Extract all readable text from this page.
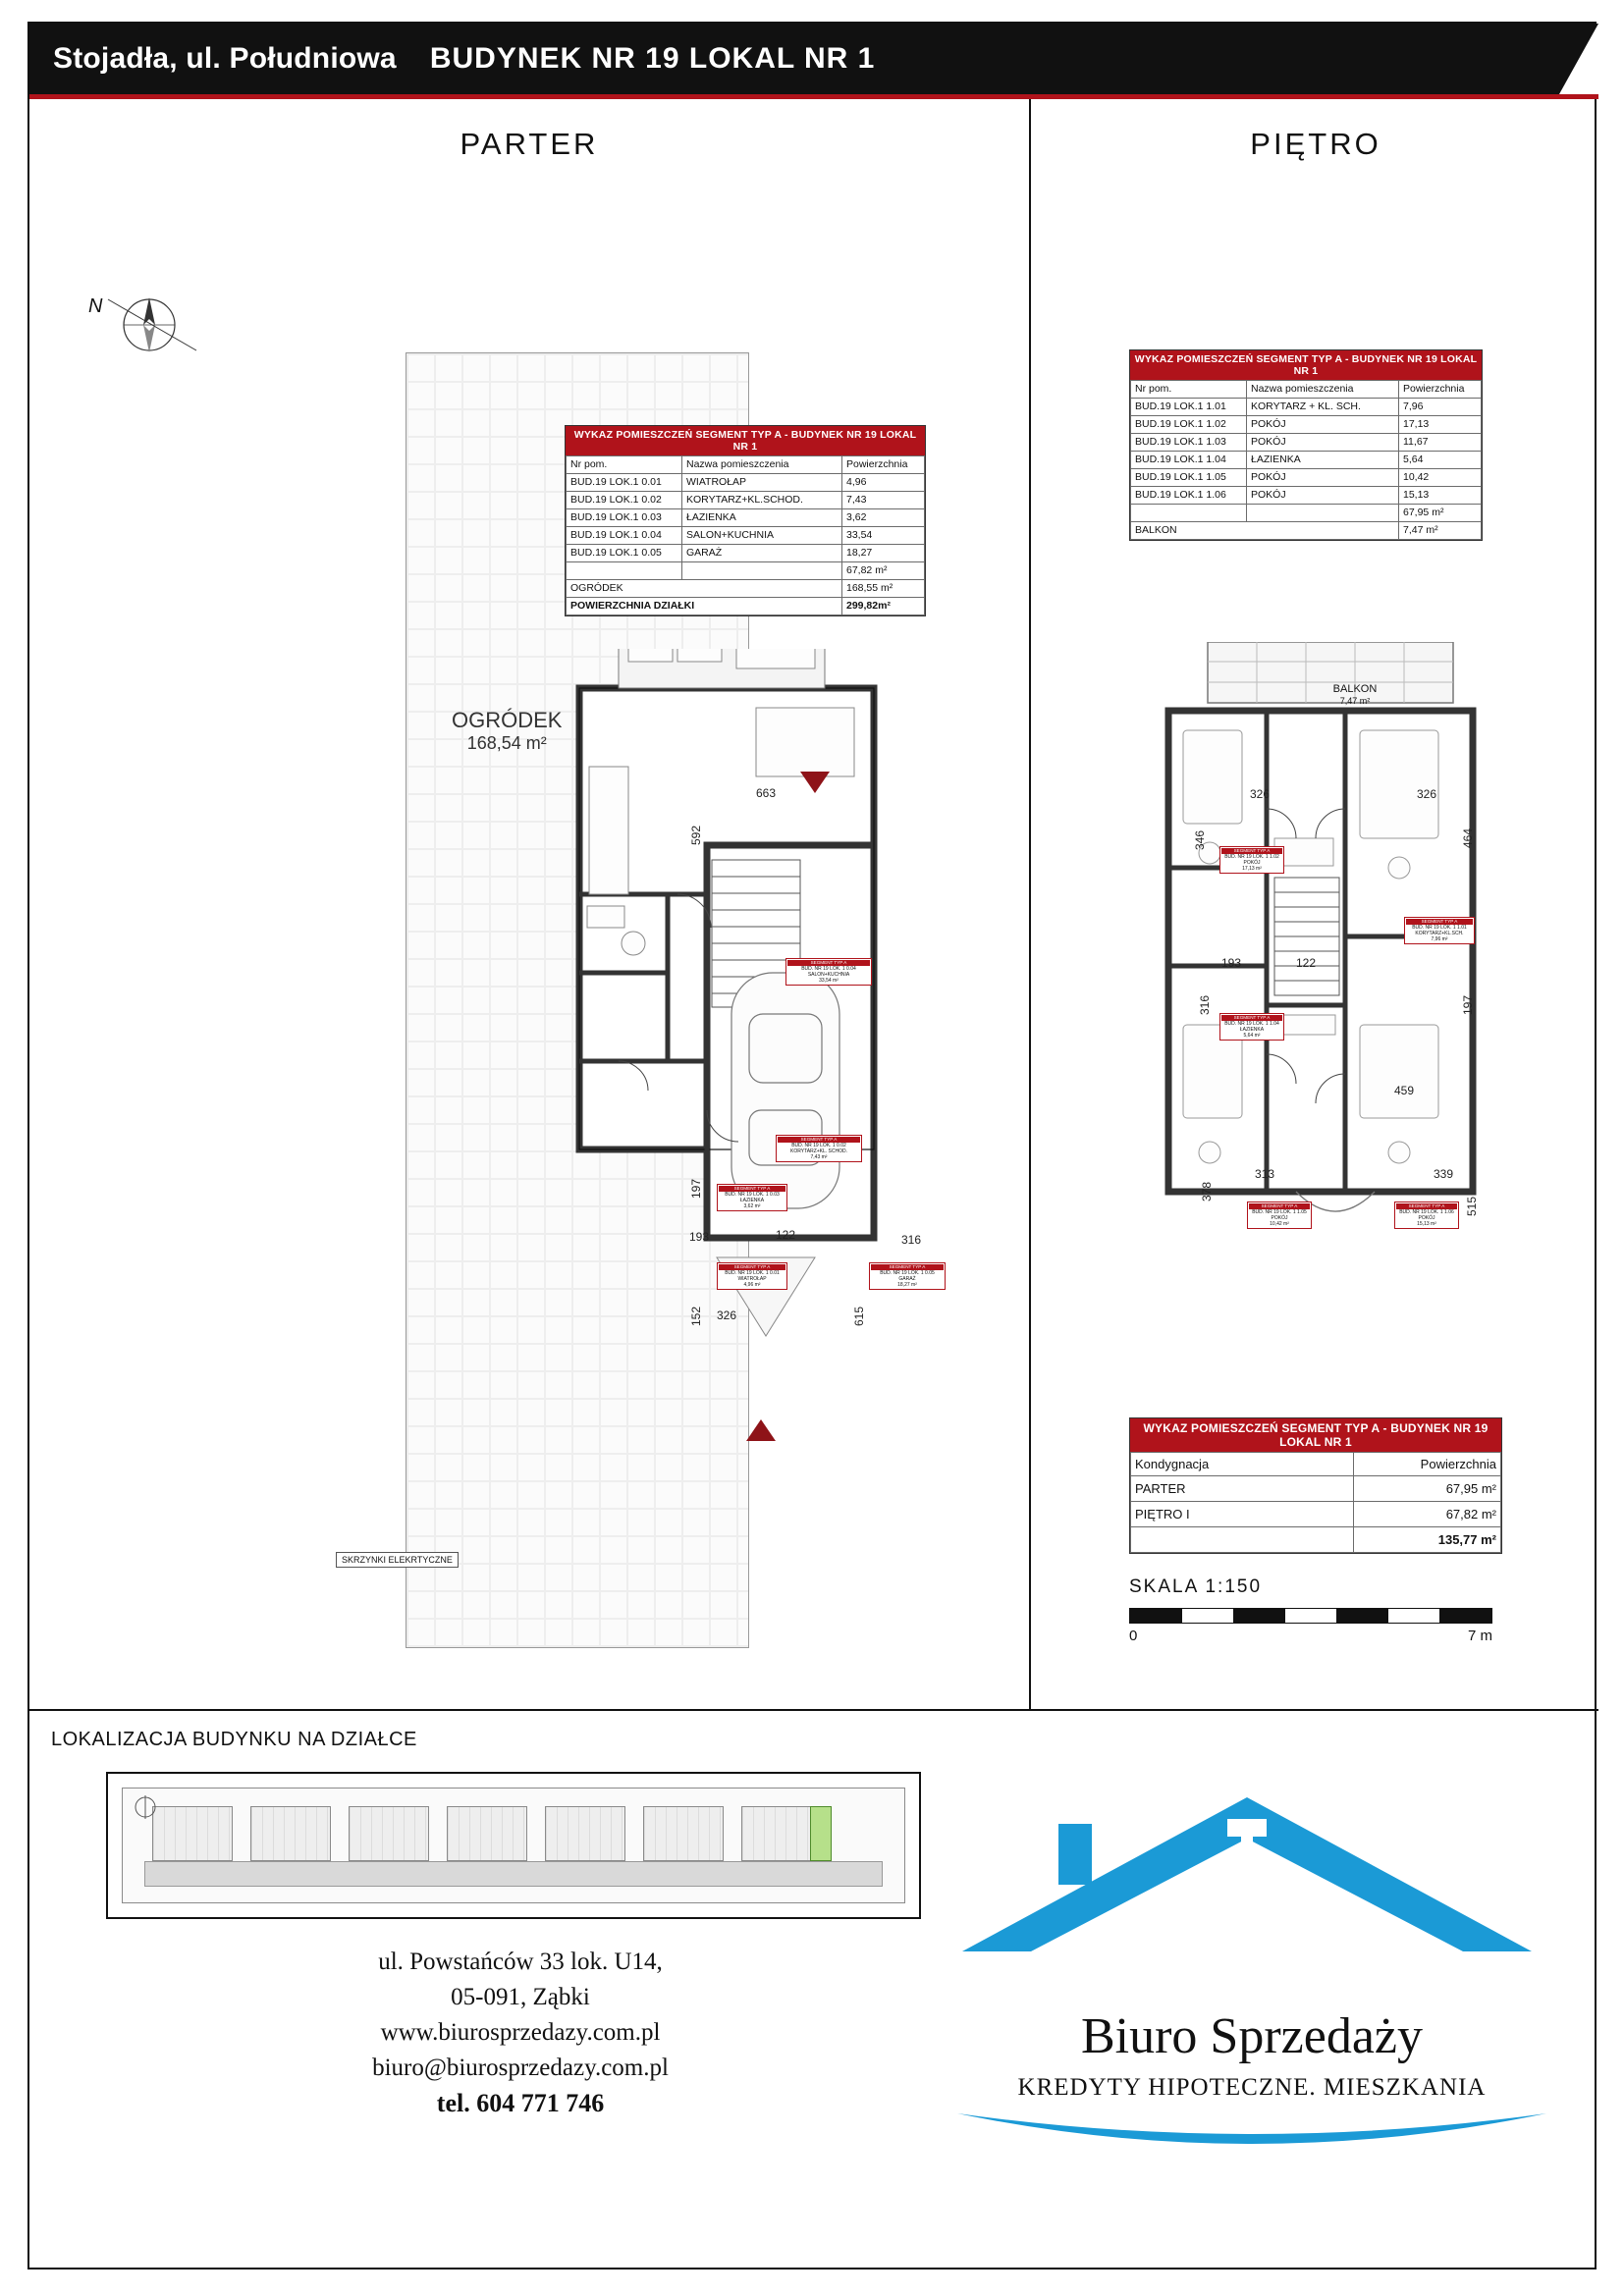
Stojadła, ul. Południowa	BUDYNEK NR 19 LOKAL NR 1
PARTER
N
OGRÓDEK
168,54 m²
663
592
197
193	122
152 326	615
316
SEGMENT TYP A
BUD. NR 19 LOK. 1 0.04
SALON+KUCHNIA
33,54 m²
SEGMENT TYP A
BUD. NR 19 LOK. 1 0.02
KORYTARZ+KL. SCHOD.
7,43 m²
SEGMENT TYP A
BUD. NR 19 LOK. 1 0.03
ŁAZIENKA
3,62 m²
SEGMENT TYP A
BUD. NR 19 LOK. 1 0.01
WIATROŁAP
4,96 m²
SEGMENT TYP A
BUD. NR 19 LOK. 1 0.05
GARAŻ
18,27 m²
SKRZYNKI ELEKRTYCZNE
WYKAZ POMIESZCZEŃ SEGMENT TYP A - BUDYNEK NR 19 LOKAL NR 1
Nr pom.	Nazwa pomieszczenia	Powierzchnia
BUD.19 LOK.1 0.01	WIATROŁAP	4,96
BUD.19 LOK.1 0.02	KORYTARZ+KL.SCHOD.	7,43
BUD.19 LOK.1 0.03	ŁAZIENKA	3,62
BUD.19 LOK.1 0.04	SALON+KUCHNIA	33,54
BUD.19 LOK.1 0.05	GARAŻ	18,27
		67,82 m²
OGRÓDEK		168,55 m²
POWIERZCHNIA DZIAŁKI		299,82m²
PIĘTRO
WYKAZ POMIESZCZEŃ SEGMENT TYP A - BUDYNEK NR 19 LOKAL NR 1
Nr pom.	Nazwa pomieszczenia	Powierzchnia
BUD.19 LOK.1 1.01	KORYTARZ + KL. SCH.	7,96
BUD.19 LOK.1 1.02	POKÓJ	17,13
BUD.19 LOK.1 1.03	POKÓJ	11,67
BUD.19 LOK.1 1.04	ŁAZIENKA	5,64
BUD.19 LOK.1 1.05	POKÓJ	10,42
BUD.19 LOK.1 1.06	POKÓJ	15,13
		67,95 m²
BALKON		7,47 m²
BALKON
7,47 m²
326	326
346	464
193	122
316	197
459
313	339
378
515
SEGMENT TYP A
BUD. NR 19 LOK. 1 1.02
POKÓJ
17,13 m²
SEGMENT TYP A
BUD. NR 19 LOK. 1 1.01
KORYTARZ+KL.SCH.
7,96 m²
SEGMENT TYP A
BUD. NR 19 LOK. 1 1.04
ŁAZIENKA
5,64 m²
SEGMENT TYP A
BUD. NR 19 LOK. 1 1.05
POKÓJ
10,42 m²
SEGMENT TYP A
BUD. NR 19 LOK. 1 1.06
POKÓJ
15,13 m²

WYKAZ POMIESZCZEŃ SEGMENT TYP A - BUDYNEK NR 19 LOKAL NR 1
Kondygnacja	Powierzchnia
PARTER	67,95 m²
PIĘTRO I	67,82 m²
	135,77 m²
SKALA 1:150
0	7 m
LOKALIZACJA BUDYNKU NA DZIAŁCE
ul. Powstańców 33 lok. U14,
05-091, Ząbki
www.biurosprzedazy.com.pl
biuro@biurosprzedazy.com.pl
tel. 604 771 746
Biuro Sprzedaży
KREDYTY HIPOTECZNE. MIESZKANIA
